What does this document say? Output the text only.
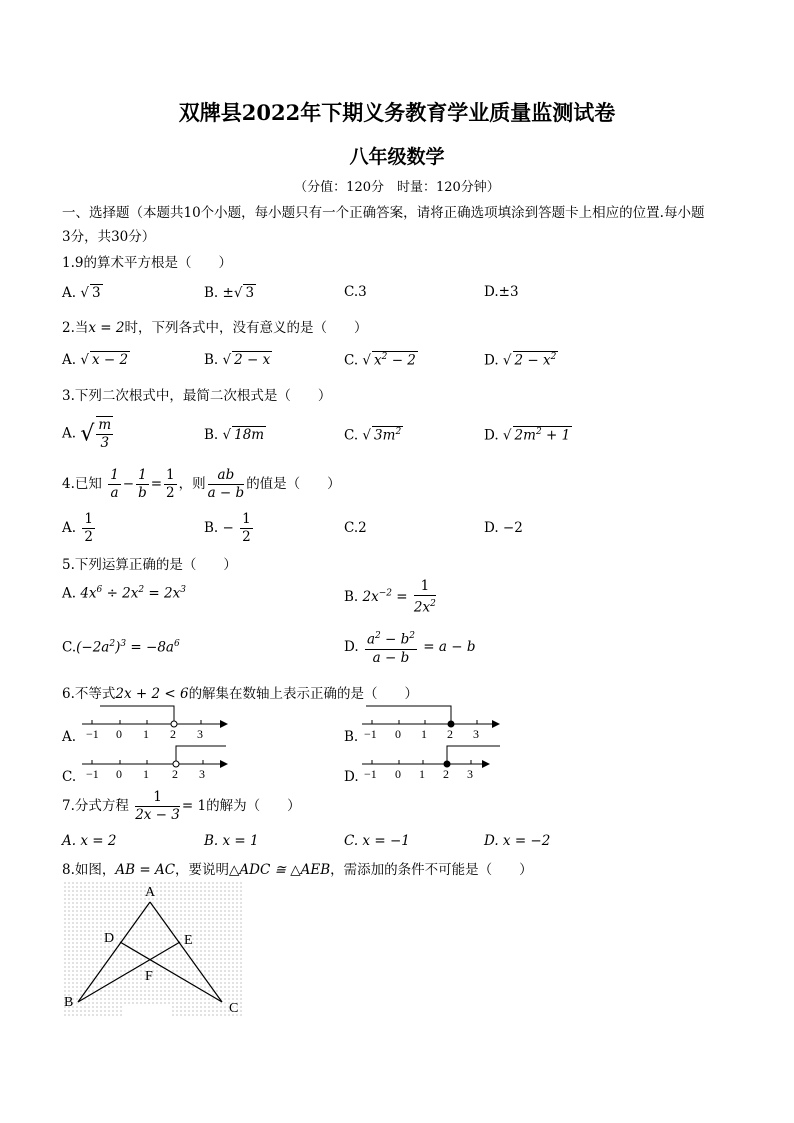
双牌县2022年下期义务教育学业质量监测试卷
八年级数学
（分值：120分　时量：120分钟）
一、选择题（本题共10个小题，每小题只有一个正确答案，请将正确选项填涂到答题卡上相应的位置.每小题
3分，共30分）
1.9的算术平方根是（　　）
A. √ 3	B. ±√ 3	C.3	D.±3
2.当x = 2时，下列各式中，没有意义的是（　　）
A. √ x − 2	B. √ 2 − x	C. √ $x^2 - 2$	D. √ $2 - x^2$
3.下列二次根式中，最简二次根式是（　　）
A. √ $\frac{m}{3}$	B. √ 18m	C. √ $3m^2$	D. √ $2m^2 + 1$
4.已知 $\frac{1}{a} - \frac{1}{b} = \frac{1}{2}$ ，则 $\frac{ab}{a - b}$ 的值是（　　）
A. $\frac{1}{2}$	B. − $\frac{1}{2}$	C.2	D. −2
5.下列运算正确的是（　　）
A. $4x^6 \div 2x^2 = 2x^3$	B. $2x^{-2} = \frac{1}{2x^2}$
$C.(-2a^2)^3 = -8a^6$	D. $\frac{a^2 - b^2}{a - b} = a - b$
6.不等式2x + 2 < 6的解集在数轴上表示正确的是（　　）
A. −1 0 1 2 3	B. −1 0 1 2 3
C. −1 0 1 2 3	D. −1 0 1 2 3
7.分式方程 $\frac{1}{2x - 3} = 1$的解为（　　）
A. x = 2	B. x = 1	C. x = −1	D. x = −2
8.如图，AB = AC，要说明△ADC ≅ △AEB，需添加的条件不可能是（　　）
A
D	E
F
B	C
